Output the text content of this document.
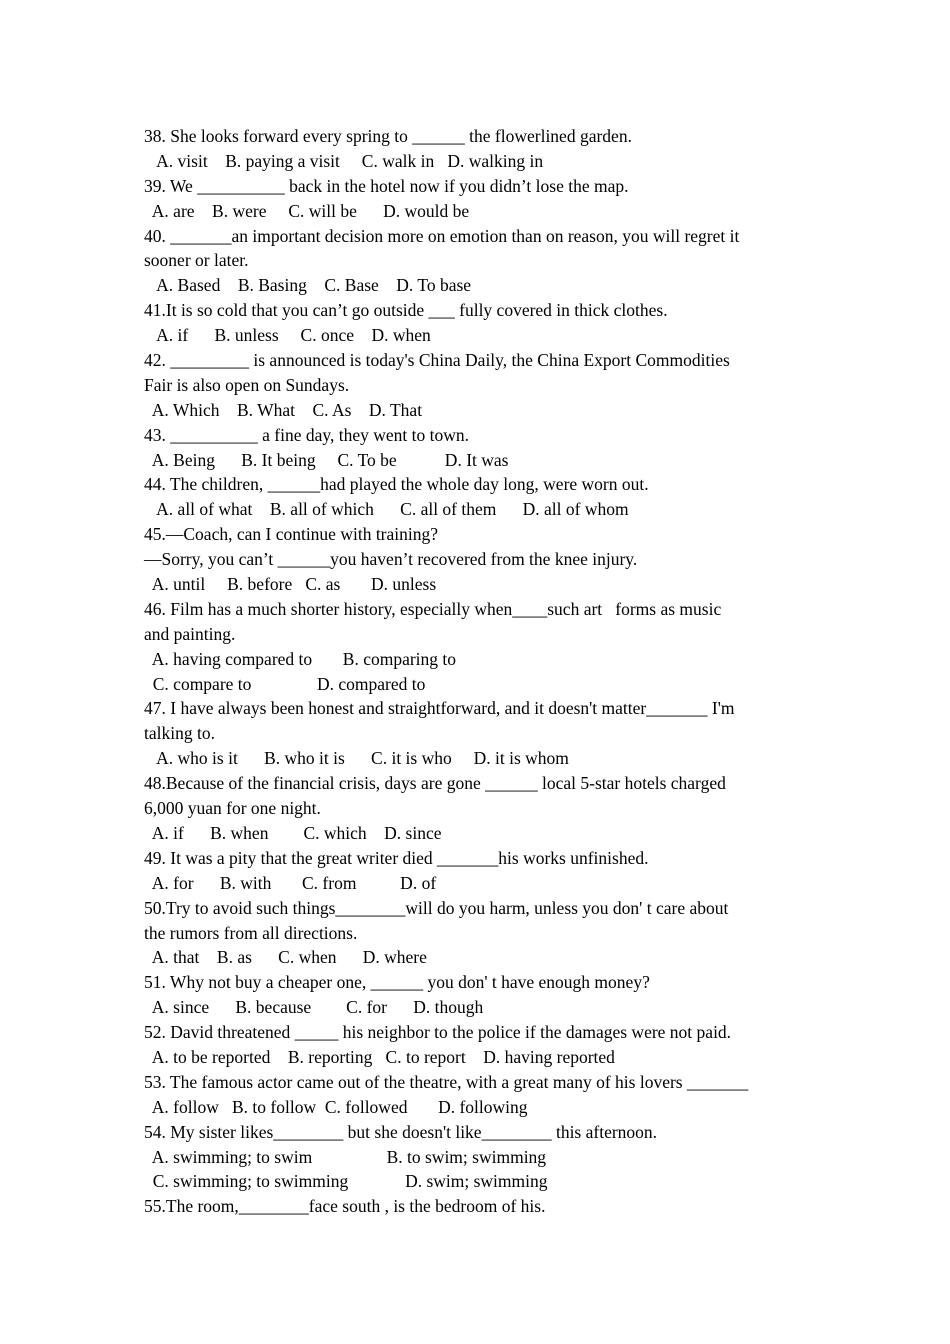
38. She looks forward every spring to ______ the flowerlined garden.
A. visit    B. paying a visit     C. walk in   D. walking in
39. We __________ back in the hotel now if you didn’t lose the map.
A. are    B. were     C. will be      D. would be
40. _______an important decision more on emotion than on reason, you will regret it
sooner or later.
A. Based    B. Basing    C. Base    D. To base
41.It is so cold that you can’t go outside ___ fully covered in thick clothes.
A. if      B. unless     C. once    D. when
42. _________ is announced is today's China Daily, the China Export Commodities
Fair is also open on Sundays.
A. Which    B. What    C. As    D. That
43. __________ a fine day, they went to town.
A. Being      B. It being     C. To be           D. It was
44. The children, ______had played the whole day long, were worn out.
A. all of what    B. all of which      C. all of them      D. all of whom
45.—Coach, can I continue with training?
—Sorry, you can’t ______you haven’t recovered from the knee injury.
A. until     B. before   C. as       D. unless
46. Film has a much shorter history, especially when____such art   forms as music
and painting.
A. having compared to       B. comparing to
C. compare to               D. compared to
47. I have always been honest and straightforward, and it doesn't matter_______ I'm
talking to.
A. who is it      B. who it is      C. it is who     D. it is whom
48.Because of the financial crisis, days are gone ______ local 5-star hotels charged
6,000 yuan for one night.
A. if      B. when        C. which    D. since
49. It was a pity that the great writer died _______his works unfinished.
A. for      B. with       C. from          D. of
50.Try to avoid such things________will do you harm, unless you don' t care about
the rumors from all directions.
A. that    B. as      C. when      D. where
51. Why not buy a cheaper one, ______ you don' t have enough money?
A. since      B. because        C. for      D. though
52. David threatened _____ his neighbor to the police if the damages were not paid.
A. to be reported    B. reporting   C. to report    D. having reported
53. The famous actor came out of the theatre, with a great many of his lovers _______
A. follow   B. to follow  C. followed       D. following
54. My sister likes________ but she doesn't like________ this afternoon.
A. swimming; to swim                 B. to swim; swimming
C. swimming; to swimming             D. swim; swimming
55.The room,________face south , is the bedroom of his.
